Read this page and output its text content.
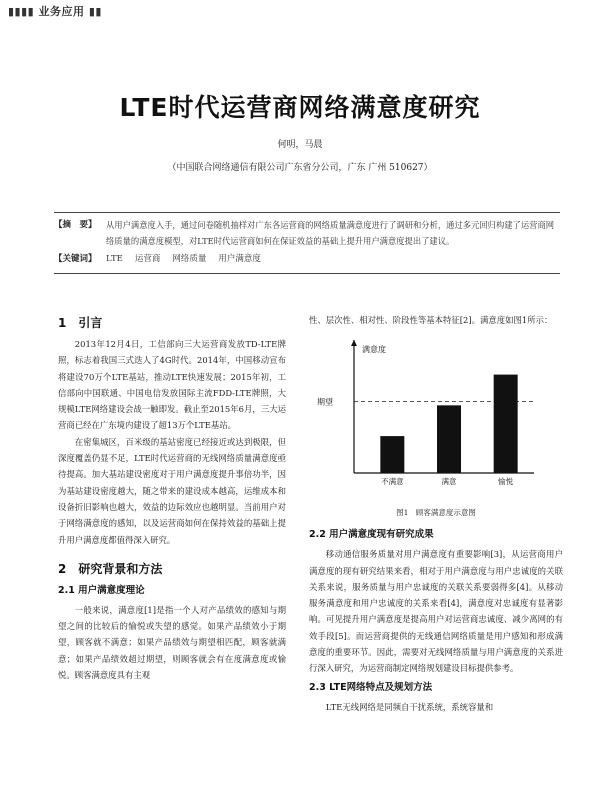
▮▮▮▮ 业务应用 ▮▮
LTE时代运营商网络满意度研究
何明，马晨
（中国联合网络通信有限公司广东省分公司，广东 广州 510627）
【摘　要】	从用户满意度入手，通过问卷随机抽样对广东各运营商的网络质量满意度进行了调研和分析，通过多元回归构建了运营商网络质量的满意度模型，对LTE时代运营商如何在保证效益的基础上提升用户满意度提出了建议。
【关键词】	LTE 运营商 网络质量 用户满意度
1　引言

2013年12月4日，工信部向三大运营商发放TD-LTE牌照，标志着我国三式迭人了4G时代。2014年，中国移动宣布将建设70万个LTE基站，推动LTE快速发展；2015年初，工信部向中国联通、中国电信发放国际主流FDD-LTE牌照，大规模LTE网络建设会战一触即发。截止至2015年6月，三大运营商已经在广东境内建设了超13万个LTE基站。

在密集城区，百米级的基站密度已经接近或达到极限，但深度覆盖仍显不足，LTE时代运营商的无线网络质量满意度亟待提高。加大基站建设密度对于用户满意度提升事倍功半，因为基站建设密度越大，随之带来的建设成本越高，运维成本和设备折旧影响也越大，效益的边际效应也越明显。当前用户对于网络满意度的感知，以及运营商如何在保持效益的基础上提升用户满意度都值得深入研究。

2　研究背景和方法
2.1 用户满意度理论

一般来说，满意度[1]是指一个人对产品绩效的感知与期望之间的比较后的愉悦或失望的感觉。如果产品绩效小于期望，顾客就不满意；如果产品绩效与期望相匹配，顾客就满意；如果产品绩效超过期望，则顾客就会有在度满意度或愉悦。顾客满意度具有主观

性、层次性、相对性、阶段性等基本特征[2]。满意度如图1所示：

满意度
期望
不满意	满意	愉悦
图1　顾客满意度示意图
2.2 用户满意度现有研究成果

移动通信服务质量对用户满意度有重要影响[3]，从运营商用户满意度的现有研究结果来看，相对于用户满意度与用户忠诚度的关联关系来说，服务质量与用户忠诚度的关联关系要弱得多[4]。从移动服务满意度和用户忠诚度的关系来看[4]，满意度对忠诚度有显著影响。可见提升用户满意度是提高用户对运营商忠诚度、减少离网的有效手段[5]。而运营商提供的无线通信网络质量是用户感知和形成满意度的重要环节。因此，需要对无线网络质量与用户满意度的关系进行深入研究，为运营商制定网络规划建设目标提供参考。

2.3 LTE网络特点及规划方法

LTE无线网络是同频自干扰系统，系统容量和
